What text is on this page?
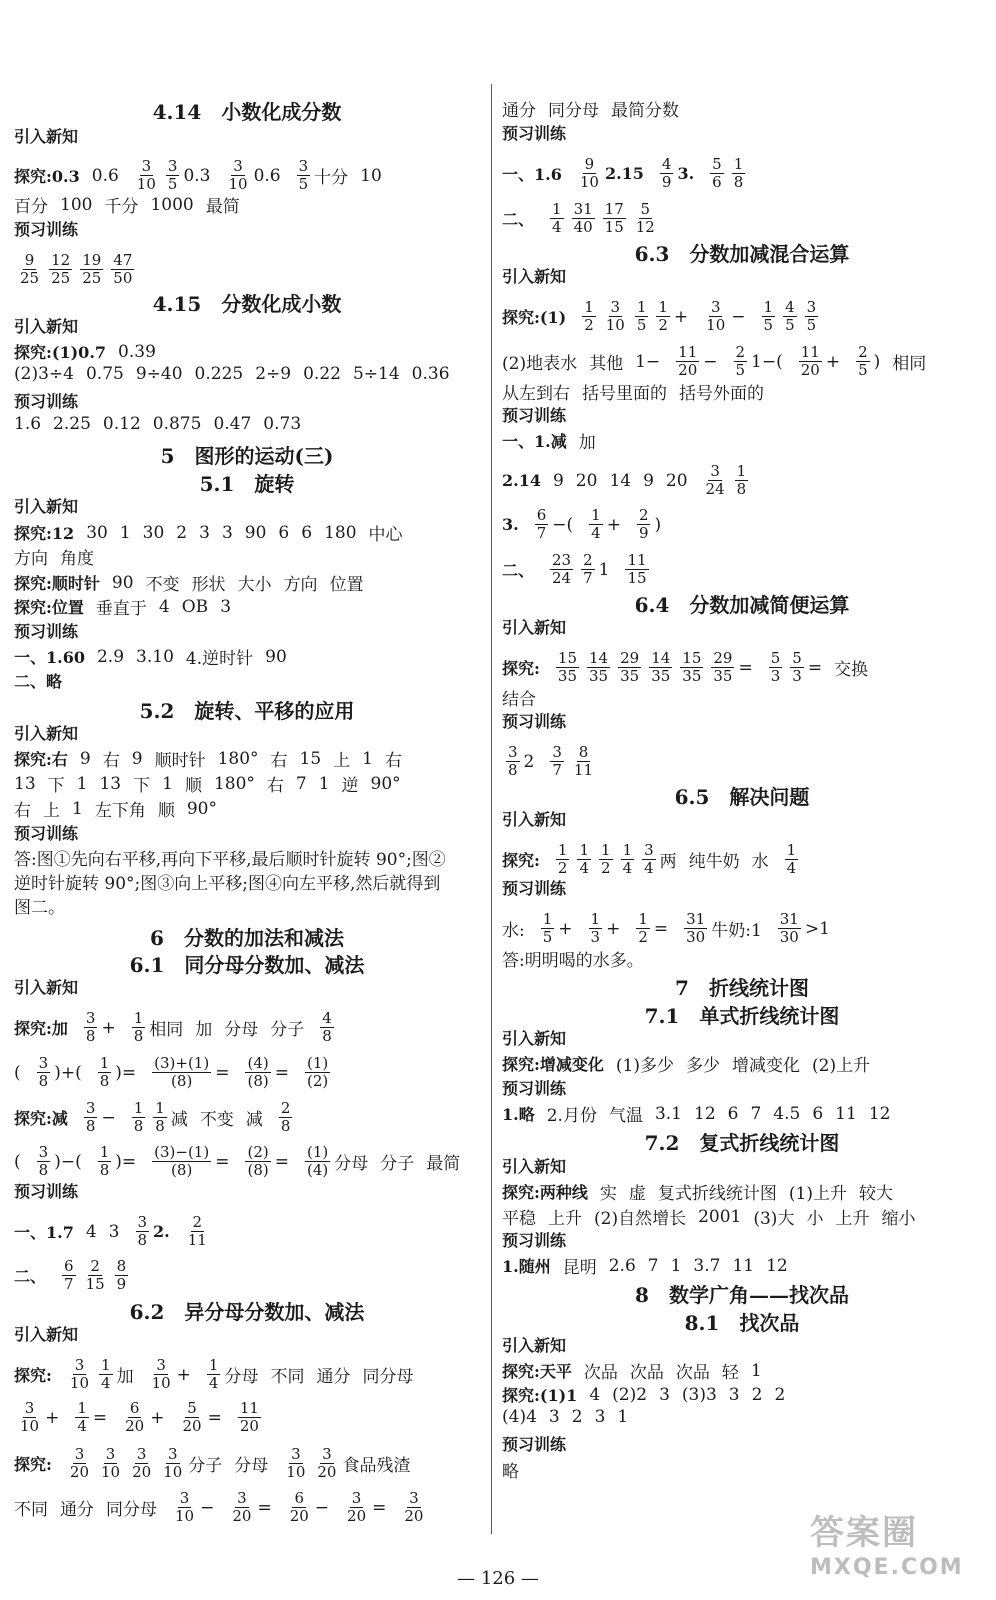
4.14　小数化成分数
引入新知
探究:0.3 $0.6 \frac{3}{10} \frac{3}{5} 0.3 \frac{3}{10} 0.6 \frac{3}{5}$ 十分 10
百分 100 千分 1000 最简
预习训练
$\frac{9}{25} \frac{12}{25} \frac{19}{25} \frac{47}{50}$
4.15　分数化成小数
引入新知
探究:(1)0.7 0.39
(2)3÷4 0.75 9÷40 0.225 2÷9 0.22 5÷14 0.36
预习训练
1.6 2.25 0.12 0.875 0.47 0.73
5　图形的运动(三)
5.1　旋转
引入新知
探究:12 30 1 30 2 3 3 90 6 6 180 中心
方向 角度
探究:顺时针 90 不变 形状 大小 方向 位置
探究:位置 垂直于 4 OB 3
预习训练
一、1.60 2.9 3.10 4.逆时针 90
二、略
5.2　旋转、平移的应用
引入新知
探究:右 9 右 9 顺时针 180° 右 15 上 1 右
13 下 1 13 下 1 顺 180° 右 7 1 逆 90°
右 上 1 左下角 顺 90°
预习训练
答:图①先向右平移,再向下平移,最后顺时针旋转 90°;图②
逆时针旋转 90°;图③向上平移;图④向左平移,然后就得到
图二。
6　分数的加法和减法
6.1　同分母分数加、减法
引入新知
探究:加 $\frac{3}{8} + \frac{1}{8}$ 相同 加 分母 分子 $\frac{4}{8}$
( $\frac{3}{8}$ )+( $\frac{1}{8}$ )= $\frac{(3)+(1)}{(8)} = \frac{(4)}{(8)} = \frac{(1)}{(2)}$
探究:减 $\frac{3}{8} - \frac{1}{8} \frac{1}{8}$ 减 不变 减 $\frac{2}{8}$
( $\frac{3}{8}$ )−( $\frac{1}{8}$ )= $\frac{(3)-(1)}{(8)} = \frac{(2)}{(8)} = \frac{(1)}{(4)}$ 分母 分子 最简
预习训练
一、1.7 4 $3 \frac{3}{8} 2$. $\frac{2}{11}$
二、 $\frac{6}{7} \frac{2}{15} \frac{8}{9}$
6.2　异分母分数加、减法
引入新知
探究: $\frac{3}{10} \frac{1}{4}$ 加 $\frac{3}{10} + \frac{1}{4}$ 分母 不同 通分 同分母
$\frac{3}{10} + \frac{1}{4} = \frac{6}{20} + \frac{5}{20} = \frac{11}{20}$
探究: $\frac{3}{20} \frac{3}{10} \frac{3}{20} \frac{3}{10}$ 分子 分母 $\frac{3}{10} \frac{3}{20}$ 食品残渣
不同 通分 同分母 $\frac{3}{10} - \frac{3}{20} = \frac{6}{20} - \frac{3}{20} = \frac{3}{20}$
通分 同分母 最简分数
预习训练
一、$1.6 \frac{9}{10} 2.15 \frac{4}{9} 3$. $\frac{5}{6} \frac{1}{8}$
二、 $\frac{1}{4} \frac{31}{40} \frac{17}{15} \frac{5}{12}$
6.3　分数加减混合运算
引入新知
探究:(1) $\frac{1}{2} \frac{3}{10} \frac{1}{5} \frac{1}{2} + \frac{3}{10} - \frac{1}{5} \frac{4}{5} \frac{3}{5}$
(2)地表水 其他 $1- \frac{11}{20} - \frac{2}{5} 1-( \frac{11}{20} + \frac{2}{5}$ ) 相同
从左到右 括号里面的 括号外面的
预习训练
一、1.减 加
2.14 9 20 14 9 $20 \frac{3}{24} \frac{1}{8}$
3. $\frac{6}{7}$ −( $\frac{1}{4} + \frac{2}{9}$ )
二、 $\frac{23}{24} \frac{2}{7} 1 \frac{11}{15}$
6.4　分数加减简便运算
引入新知
探究: $\frac{15}{35} \frac{14}{35} \frac{29}{35} \frac{14}{35} \frac{15}{35} \frac{29}{35} = \frac{5}{3} \frac{5}{3}$ = 交换
结合
预习训练
$\frac{3}{8} 2 \frac{3}{7} \frac{8}{11}$
6.5　解决问题
引入新知
探究: $\frac{1}{2} \frac{1}{4} \frac{1}{2} \frac{1}{4} \frac{3}{4}$ 两 纯牛奶 水 $\frac{1}{4}$
预习训练
水: $\frac{1}{5} + \frac{1}{3} + \frac{1}{2} = \frac{31}{30}$ 牛奶:1 $\frac{31}{30} >1$
答:明明喝的水多。
7　折线统计图
7.1　单式折线统计图
引入新知
探究:增减变化 (1)多少 多少 增减变化 (2)上升
预习训练
1.略 2.月份 气温 3.1 12 6 7 4.5 6 11 12
7.2　复式折线统计图
引入新知
探究:两种线 实 虚 复式折线统计图 (1)上升 较大
平稳 上升 (2)自然增长 2001 (3)大 小 上升 缩小
预习训练
1.随州 昆明 2.6 7 1 3.7 11 12
8　数学广角——找次品
8.1　找次品
引入新知
探究:天平 次品 次品 次品 轻 1
探究:(1)1 4 (2)2 3 (3)3 3 2 2
(4)4 3 2 3 1
预习训练
略
— 126 —
答案圈
MXQE.COM
